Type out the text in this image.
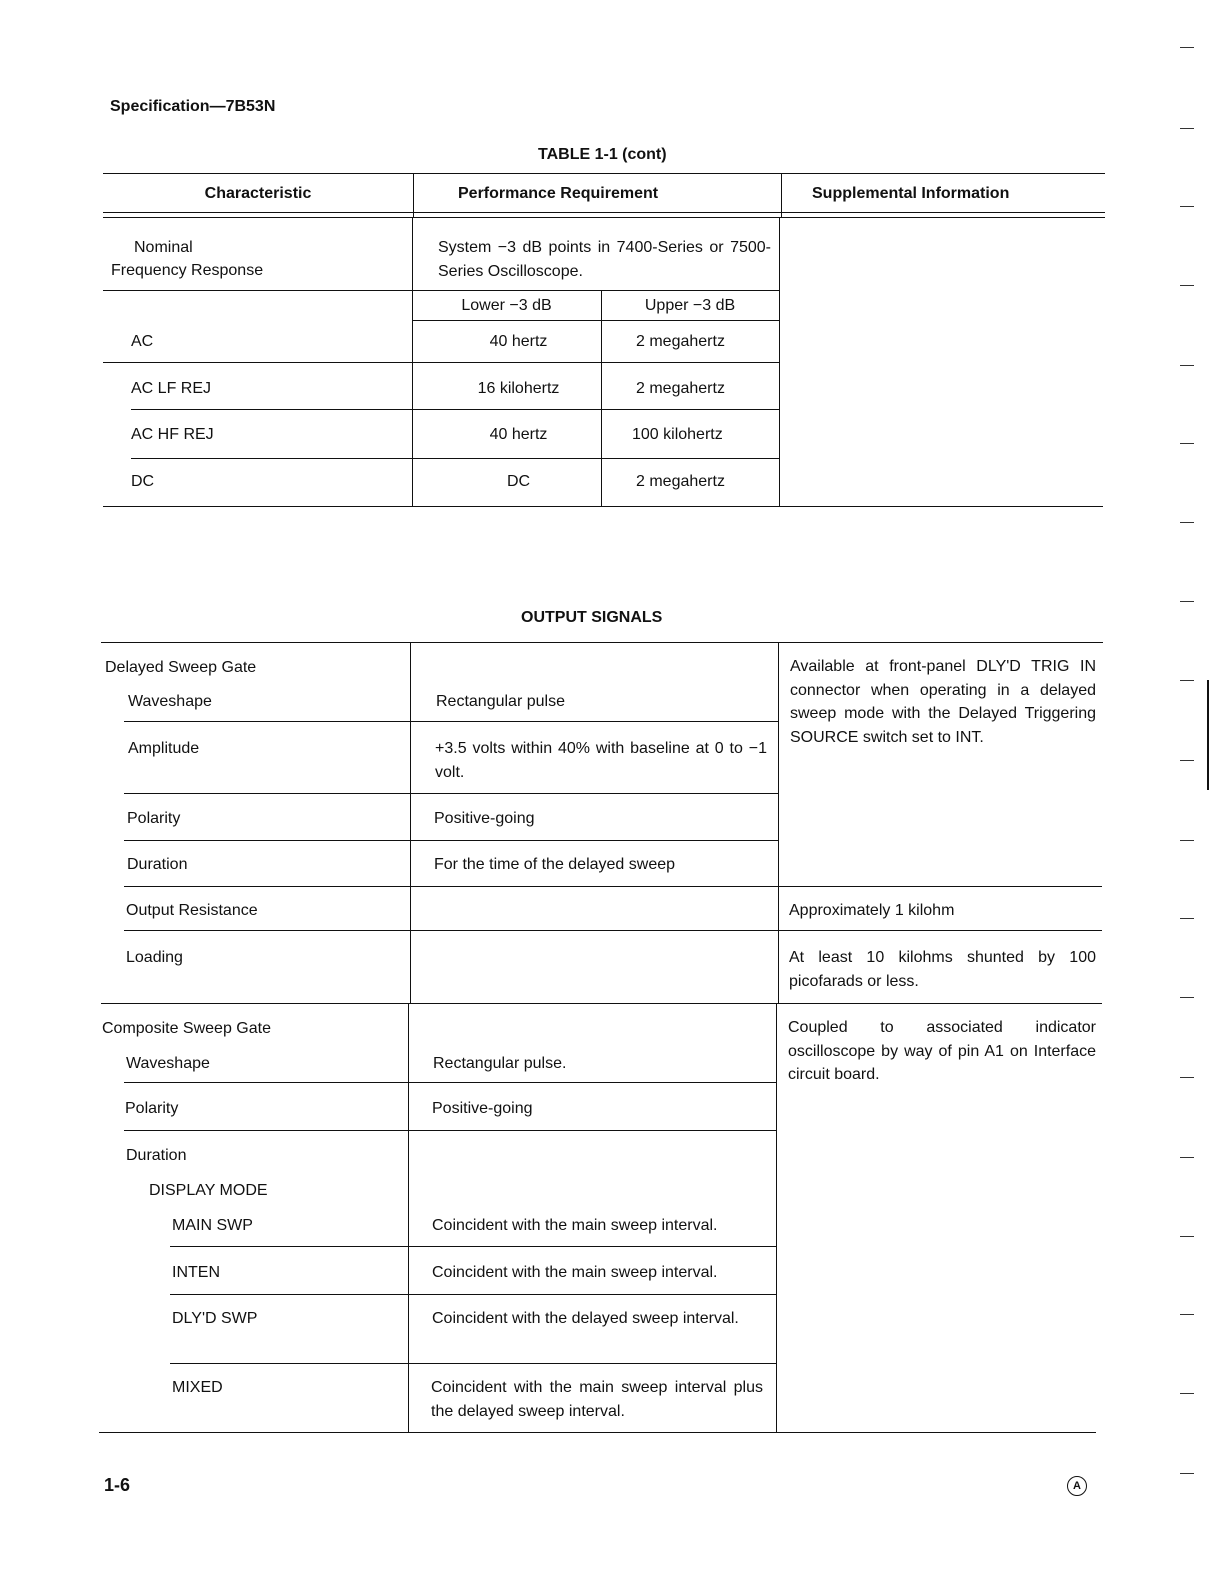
Specification—7B53N
TABLE 1-1 (cont)
Characteristic	Performance Requirement	Supplemental Information
Nominal
Frequency Response
System −3 dB points in 7400-Series or 7500-Series Oscilloscope.
Lower −3 dB	Upper −3 dB
AC	40 hertz	2 megahertz
AC LF REJ	16 kilohertz	2 megahertz
AC HF REJ	40 hertz	100 kilohertz
DC	DC	2 megahertz
OUTPUT SIGNALS
Delayed Sweep Gate	Available at front-panel DLY'D TRIG IN connector when operating in a delayed sweep mode with the Delayed Triggering SOURCE switch set to INT.
Waveshape	Rectangular pulse
Amplitude	+3.5 volts within 40% with baseline at 0 to −1 volt.
Polarity	Positive-going
Duration	For the time of the delayed sweep
Output Resistance	Approximately 1 kilohm
Loading	At least 10 kilohms shunted by 100 picofarads or less.
Composite Sweep Gate	Coupled to associated indicator oscilloscope by way of pin A1 on Interface circuit board.
Waveshape	Rectangular pulse.
Polarity	Positive-going
Duration
DISPLAY MODE
MAIN SWP	Coincident with the main sweep interval.
INTEN	Coincident with the main sweep interval.
DLY'D SWP	Coincident with the delayed sweep interval.
MIXED	Coincident with the main sweep interval plus the delayed sweep interval.
1-6	A
